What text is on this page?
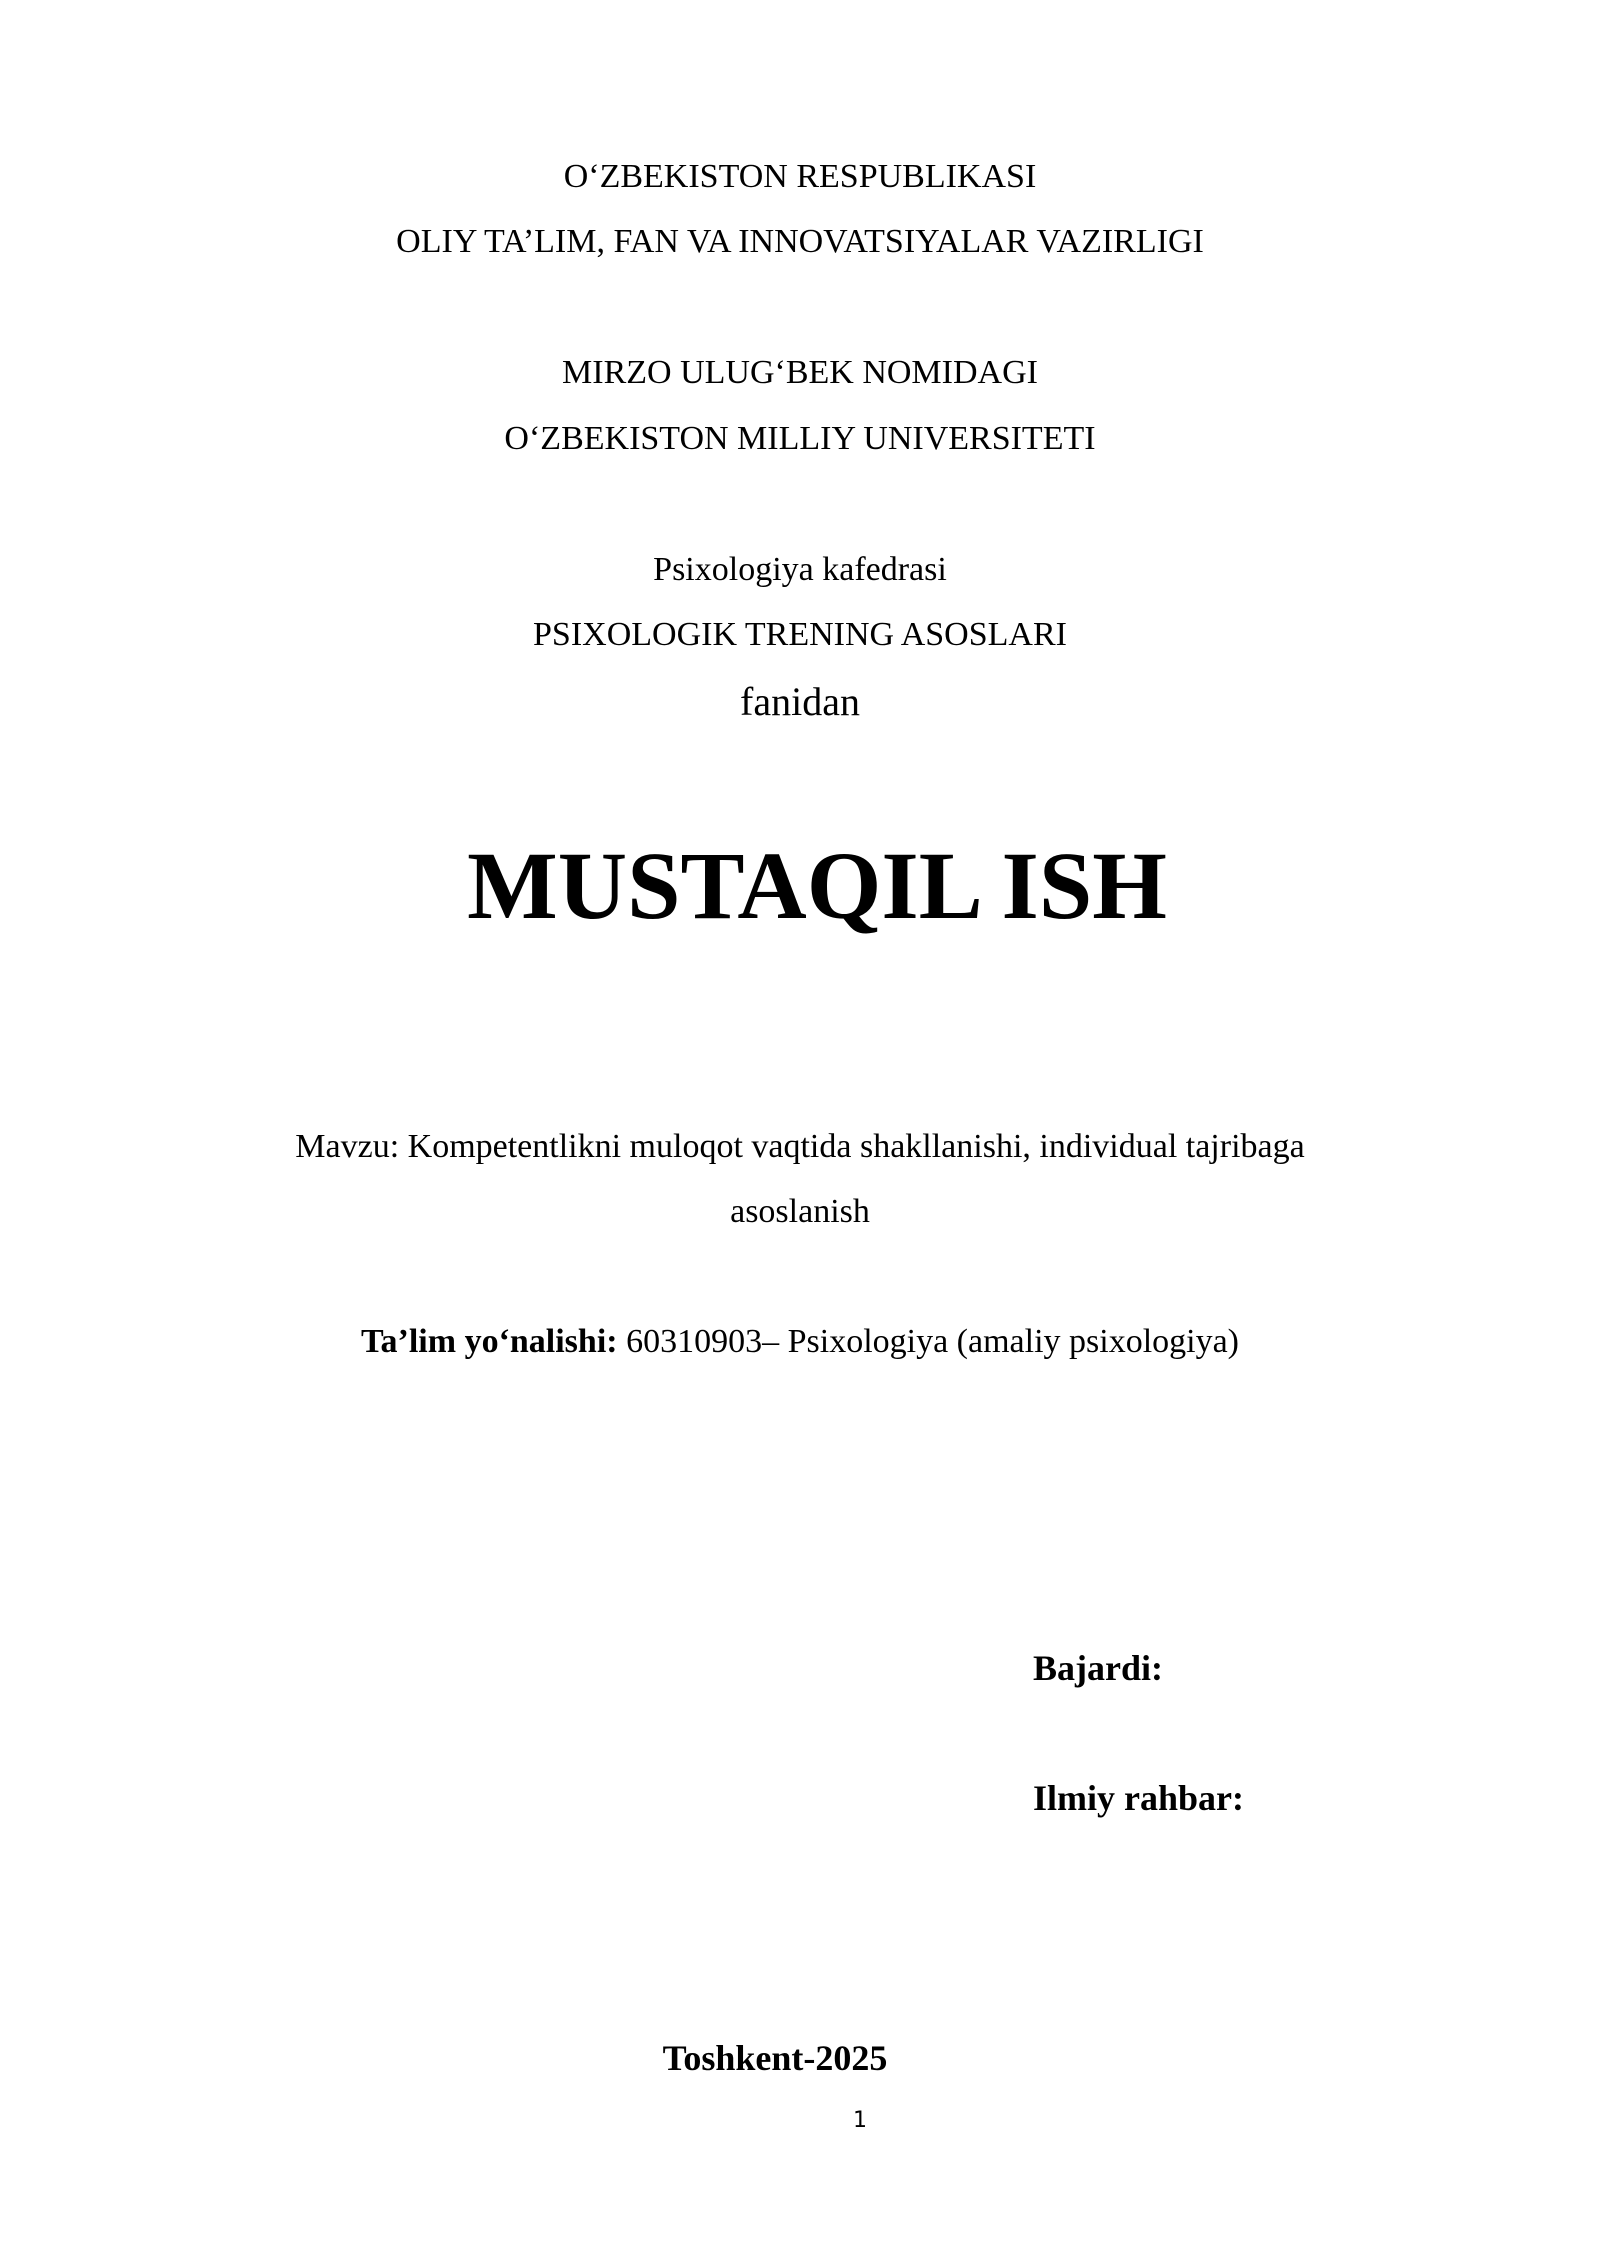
O‘ZBEKISTON RESPUBLIKASI
OLIY TA’LIM, FAN VA INNOVATSIYALAR VAZIRLIGI
MIRZO ULUG‘BEK NOMIDAGI
O‘ZBEKISTON MILLIY UNIVERSITETI
Psixologiya kafedrasi
PSIXOLOGIK TRENING ASOSLARI
fanidan
MUSTAQIL ISH
Mavzu: Kompetentlikni muloqot vaqtida shakllanishi, individual tajribaga
asoslanish
Ta’lim yo‘nalishi: 60310903– Psixologiya (amaliy psixologiya)
Bajardi:
Ilmiy rahbar:
Toshkent-2025
1
